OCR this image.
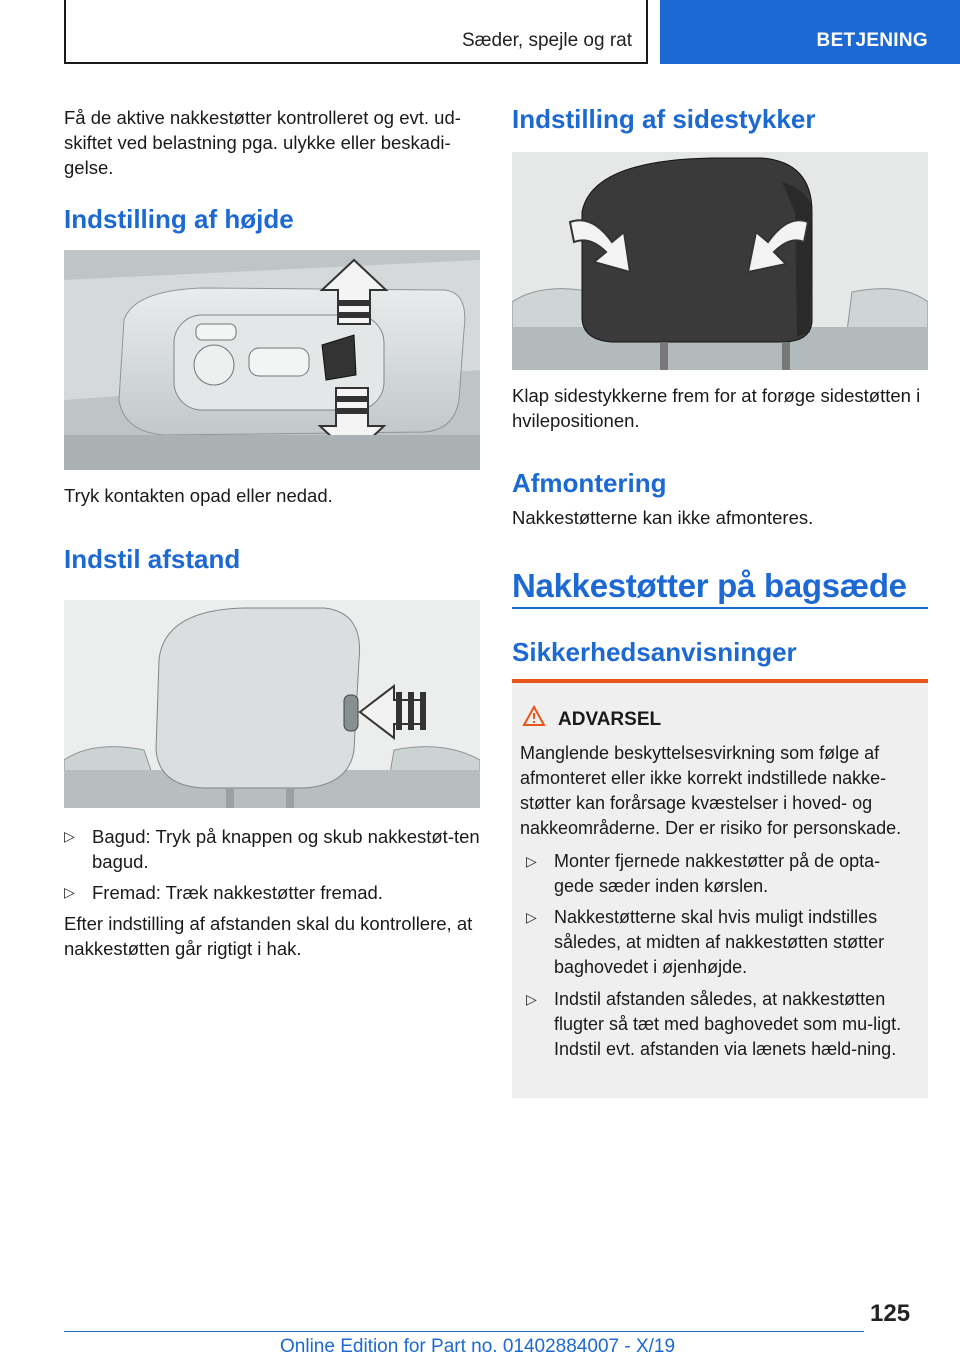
Sæder, spejle og rat	BETJENING

Få de aktive nakkestøtter kontrolleret og evt. ud-skiftet ved belastning pga. ulykke eller beskadi-gelse.

Indstilling af højde

Tryk kontakten opad eller nedad.

Indstil afstand
▷ Bagud: Tryk på knappen og skub nakkestøt-ten bagud.
▷ Fremad: Træk nakkestøtter fremad.

Efter indstilling af afstanden skal du kontrollere, at nakkestøtten går rigtigt i hak.

Indstilling af sidestykker

Klap sidestykkerne frem for at forøge sidestøtten i hvilepositionen.

Afmontering

Nakkestøtterne kan ikke afmonteres.

Nakkestøtter på bagsæde
Sikkerhedsanvisninger
ADVARSEL

Manglende beskyttelsesvirkning som følge af afmonteret eller ikke korrekt indstillede nakke-støtter kan forårsage kvæstelser i hoved- og nakkeområderne. Der er risiko for personskade.

▷ Monter fjernede nakkestøtter på de opta-gede sæder inden kørslen.
▷ Nakkestøtterne skal hvis muligt indstilles således, at midten af nakkestøtten støtter baghovedet i øjenhøjde.
▷ Indstil afstanden således, at nakkestøtten flugter så tæt med baghovedet som mu-ligt. Indstil evt. afstanden via lænets hæld-ning.
125
Online Edition for Part no. 01402884007 - X/19
